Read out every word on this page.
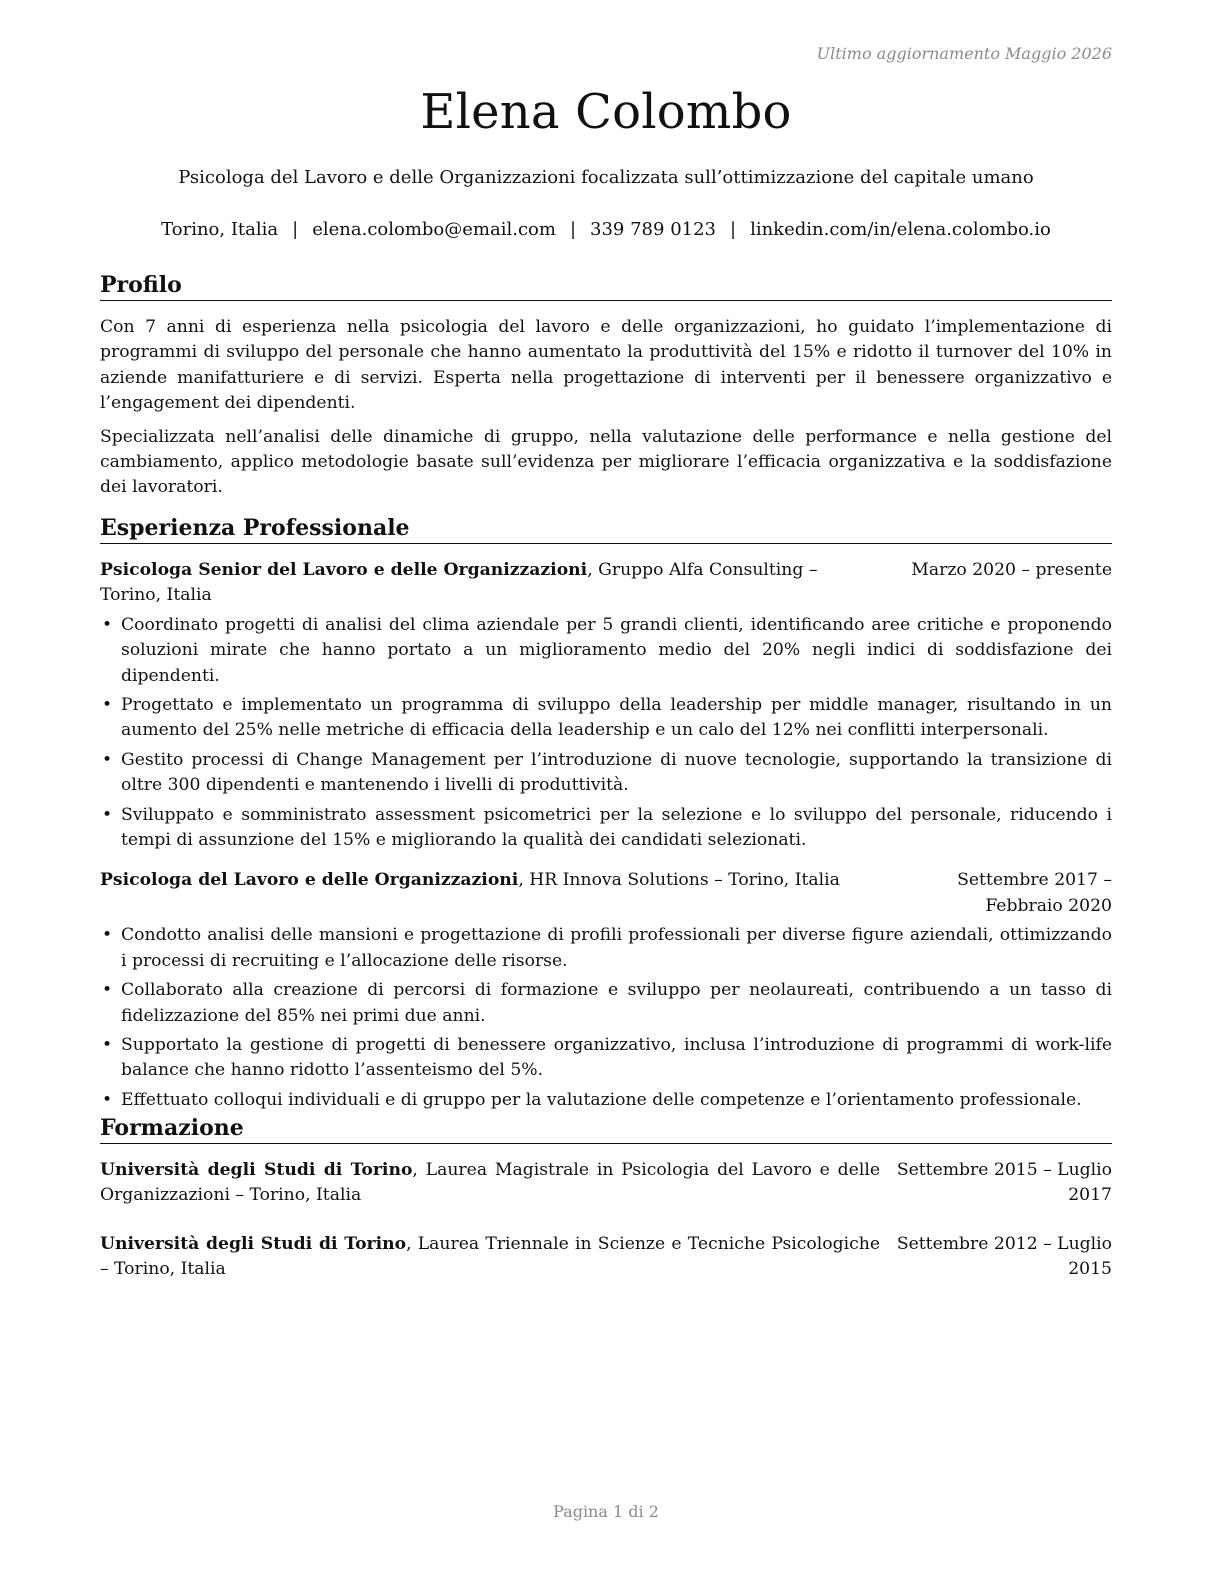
Ultimo aggiornamento Maggio 2026
Elena Colombo
Psicologa del Lavoro e delle Organizzazioni focalizzata sull’ottimizzazione del capitale umano
Torino, Italia | elena.colombo@email.com | 339 789 0123 | linkedin.com/in/elena.colombo.io
Profilo

Con 7 anni di esperienza nella psicologia del lavoro e delle organizzazioni, ho guidato l’implementazione di programmi di sviluppo del personale che hanno aumentato la produttività del 15% e ridotto il turnover del 10% in aziende manifatturiere e di servizi. Esperta nella progettazione di interventi per il benessere organizzativo e l’engagement dei dipendenti.

Specializzata nell’analisi delle dinamiche di gruppo, nella valutazione delle performance e nella gestione del cambiamento, applico metodologie basate sull’evidenza per migliorare l’efficacia organizzativa e la soddisfazione dei lavoratori.

Esperienza Professionale
Psicologa Senior del Lavoro e delle Organizzazioni, Gruppo Alfa Consulting – Torino, Italia
Marzo 2020 – presente
• Coordinato progetti di analisi del clima aziendale per 5 grandi clienti, identificando aree critiche e proponendo soluzioni mirate che hanno portato a un miglioramento medio del 20% negli indici di soddisfazione dei dipendenti.
• Progettato e implementato un programma di sviluppo della leadership per middle manager, risultando in un aumento del 25% nelle metriche di efficacia della leadership e un calo del 12% nei conflitti interpersonali.
• Gestito processi di Change Management per l’introduzione di nuove tecnologie, supportando la transizione di oltre 300 dipendenti e mantenendo i livelli di produttività.
• Sviluppato e somministrato assessment psicometrici per la selezione e lo sviluppo del personale, riducendo i tempi di assunzione del 15% e migliorando la qualità dei candidati selezionati.
Psicologa del Lavoro e delle Organizzazioni, HR Innova Solutions – Torino, Italia	Settembre 2017 – Febbraio 2020
• Condotto analisi delle mansioni e progettazione di profili professionali per diverse figure aziendali, ottimizzando i processi di recruiting e l’allocazione delle risorse.
• Collaborato alla creazione di percorsi di formazione e sviluppo per neolaureati, contribuendo a un tasso di fidelizzazione del 85% nei primi due anni.
• Supportato la gestione di progetti di benessere organizzativo, inclusa l’introduzione di programmi di work-life balance che hanno ridotto l’assenteismo del 5%.
• Effettuato colloqui individuali e di gruppo per la valutazione delle competenze e l’orientamento professionale.
Formazione
Università degli Studi di Torino, Laurea Magistrale in Psicologia del Lavoro e delle Organizzazioni – Torino, Italia
Settembre 2015 – Luglio 2017
Università degli Studi di Torino, Laurea Triennale in Scienze e Tecniche Psicologiche – Torino, Italia
Settembre 2012 – Luglio 2015
Pagina 1 di 2
